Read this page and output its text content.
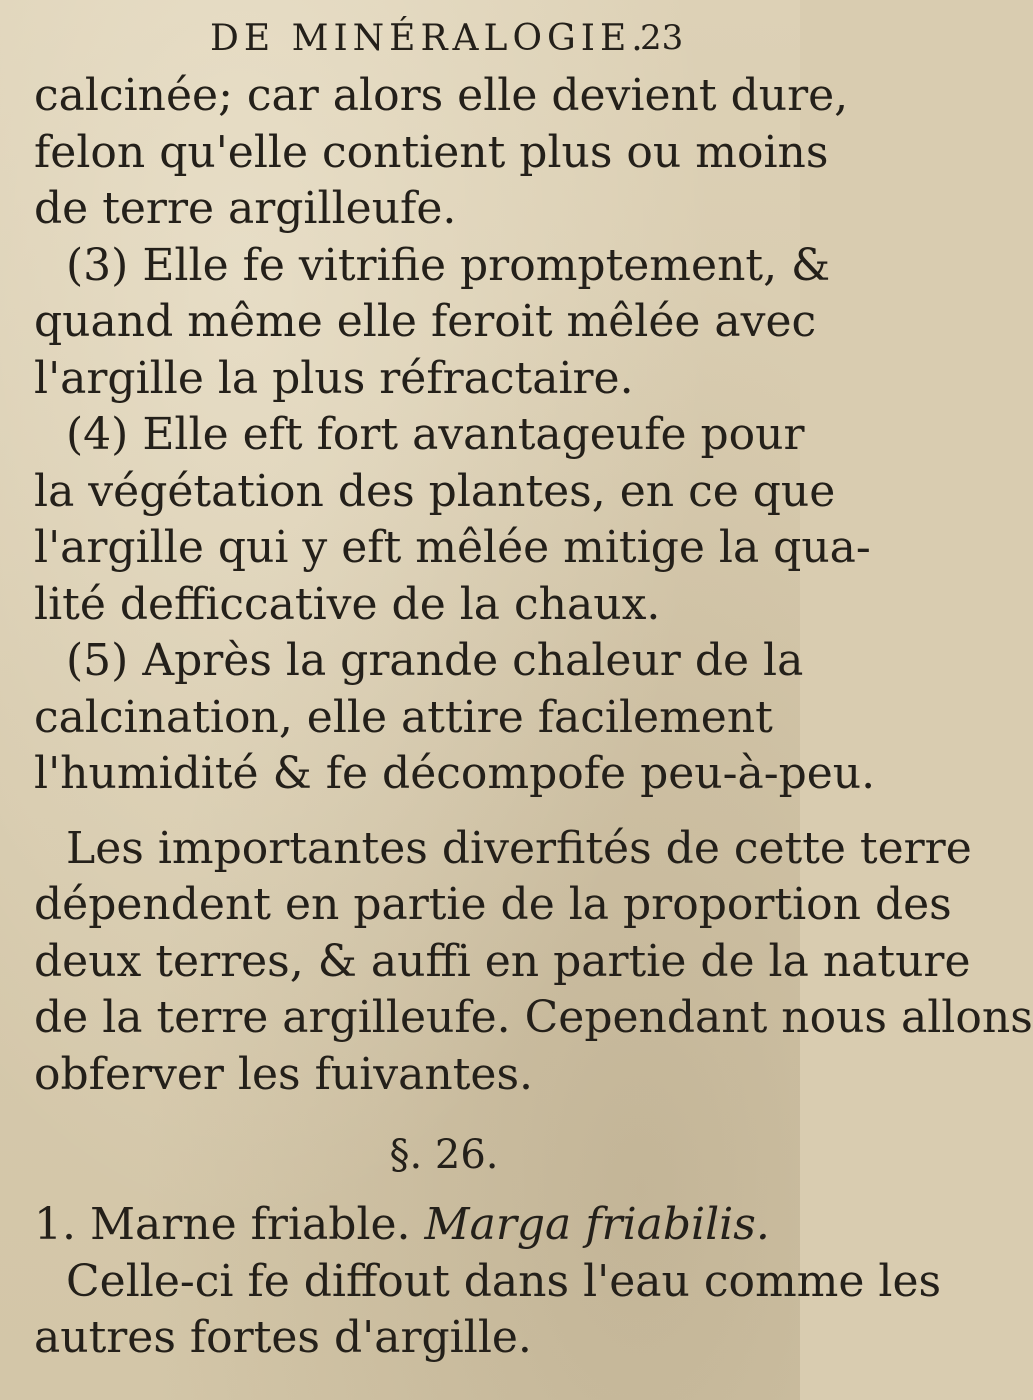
DE MINÉRALOGIE.
23
calcinée; car alors elle devient dure,
felon qu'elle contient plus ou moins
de terre argilleufe.
(3) Elle fe vitrifie promptement, &
quand même elle feroit mêlée avec
l'argille la plus réfractaire.
(4) Elle eft fort avantageufe pour
la végétation des plantes, en ce que
l'argille qui y eft mêlée mitige la qua-
lité defficcative de la chaux.
(5) Après la grande chaleur de la
calcination, elle attire facilement
l'humidité & fe décompofe peu-à-peu.
Les importantes diverfités de cette terre
dépendent en partie de la proportion des
deux terres, & auffi en partie de la nature
de la terre argilleufe. Cependant nous allons
obferver les fuivantes.
§. 26.
1. Marne friable. Marga friabilis.
Celle-ci fe diffout dans l'eau comme les
autres fortes d'argille.
